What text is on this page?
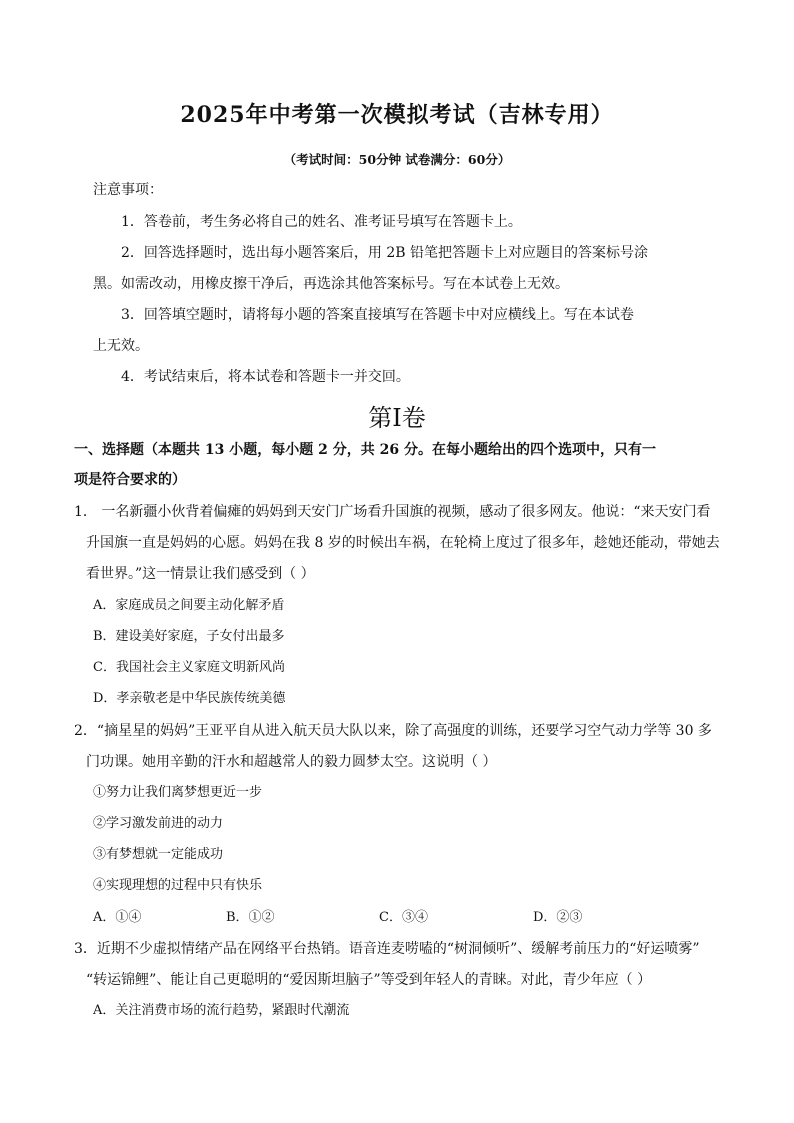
2025年中考第一次模拟考试（吉林专用）
（考试时间：50分钟 试卷满分：60分）
注意事项：
1．答卷前，考生务必将自己的姓名、准考证号填写在答题卡上。
2．回答选择题时，选出每小题答案后，用 2B 铅笔把答题卡上对应题目的答案标号涂
黑。如需改动，用橡皮擦干净后，再选涂其他答案标号。写在本试卷上无效。
3．回答填空题时，请将每小题的答案直接填写在答题卡中对应横线上。写在本试卷
上无效。
4．考试结束后，将本试卷和答题卡一并交回。
第Ⅰ卷
一、选择题（本题共 13 小题，每小题 2 分，共 26 分。在每小题给出的四个选项中，只有一
项是符合要求的）
1． 一名新疆小伙背着偏瘫的妈妈到天安门广场看升国旗的视频，感动了很多网友。他说：“来天安门看
升国旗一直是妈妈的心愿。妈妈在我 8 岁的时候出车祸，在轮椅上度过了很多年，趁她还能动，带她去
看世界。”这一情景让我们感受到（ ）
A．家庭成员之间要主动化解矛盾
B．建设美好家庭，子女付出最多
C．我国社会主义家庭文明新风尚
D．孝亲敬老是中华民族传统美德
2．“摘星星的妈妈”王亚平自从进入航天员大队以来，除了高强度的训练，还要学习空气动力学等 30 多
门功课。她用辛勤的汗水和超越常人的毅力圆梦太空。这说明（ ）
①努力让我们离梦想更近一步
②学习激发前进的动力
③有梦想就一定能成功
④实现理想的过程中只有快乐
A．①④	B．①②	C．③④	D．②③
3．近期不少虚拟情绪产品在网络平台热销。语音连麦唠嗑的“树洞倾听”、缓解考前压力的“好运喷雾”
“转运锦鲤”、能让自己更聪明的“爱因斯坦脑子”等受到年轻人的青睐。对此，青少年应（ ）
A．关注消费市场的流行趋势，紧跟时代潮流
